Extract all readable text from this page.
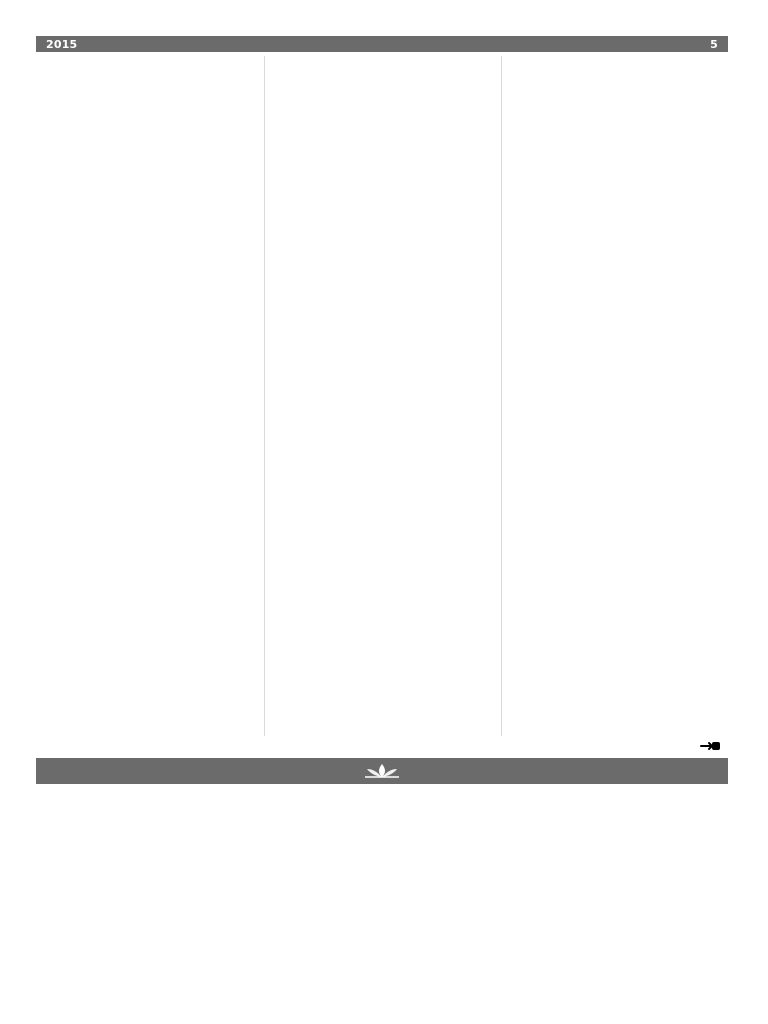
2015	5
